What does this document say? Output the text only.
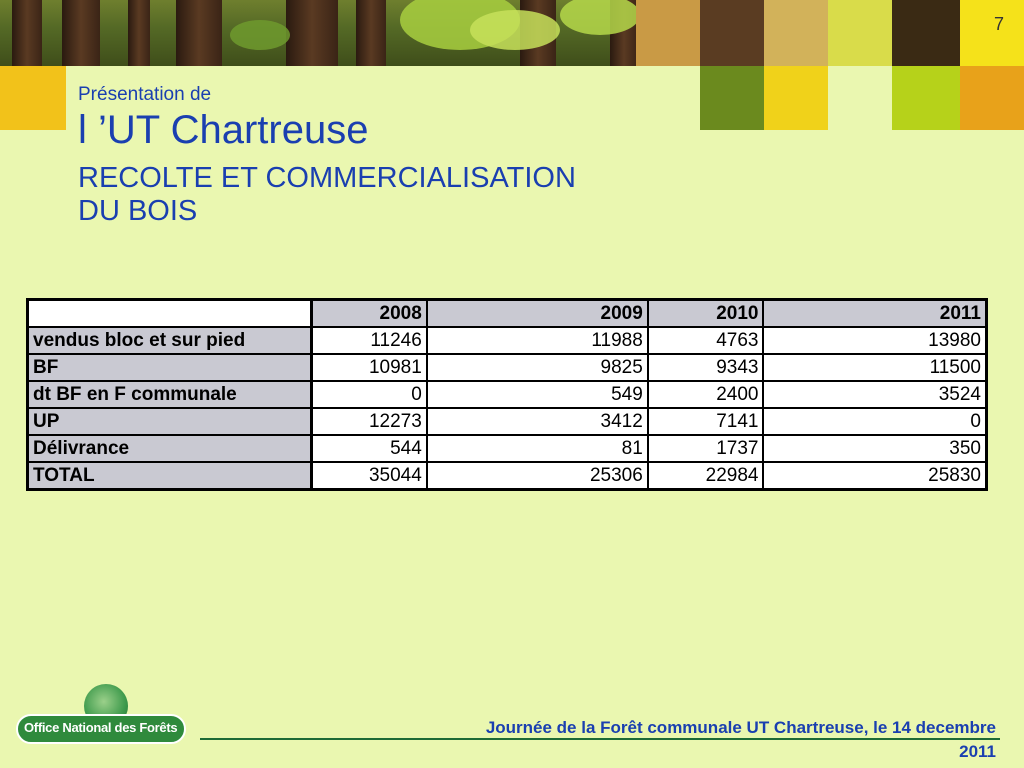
7
Présentation de
l ’UT Chartreuse
RECOLTE ET COMMERCIALISATION
DU BOIS
	2008	2009	2010	2011
vendus bloc et sur pied	11246	11988	4763	13980
BF	10981	9825	9343	11500
dt BF en F communale	0	549	2400	3524
UP	12273	3412	7141	0
Délivrance	544	81	1737	350
TOTAL	35044	25306	22984	25830
Office National des Forêts	Journée de la Forêt communale UT Chartreuse, le 14 decembre
2011
